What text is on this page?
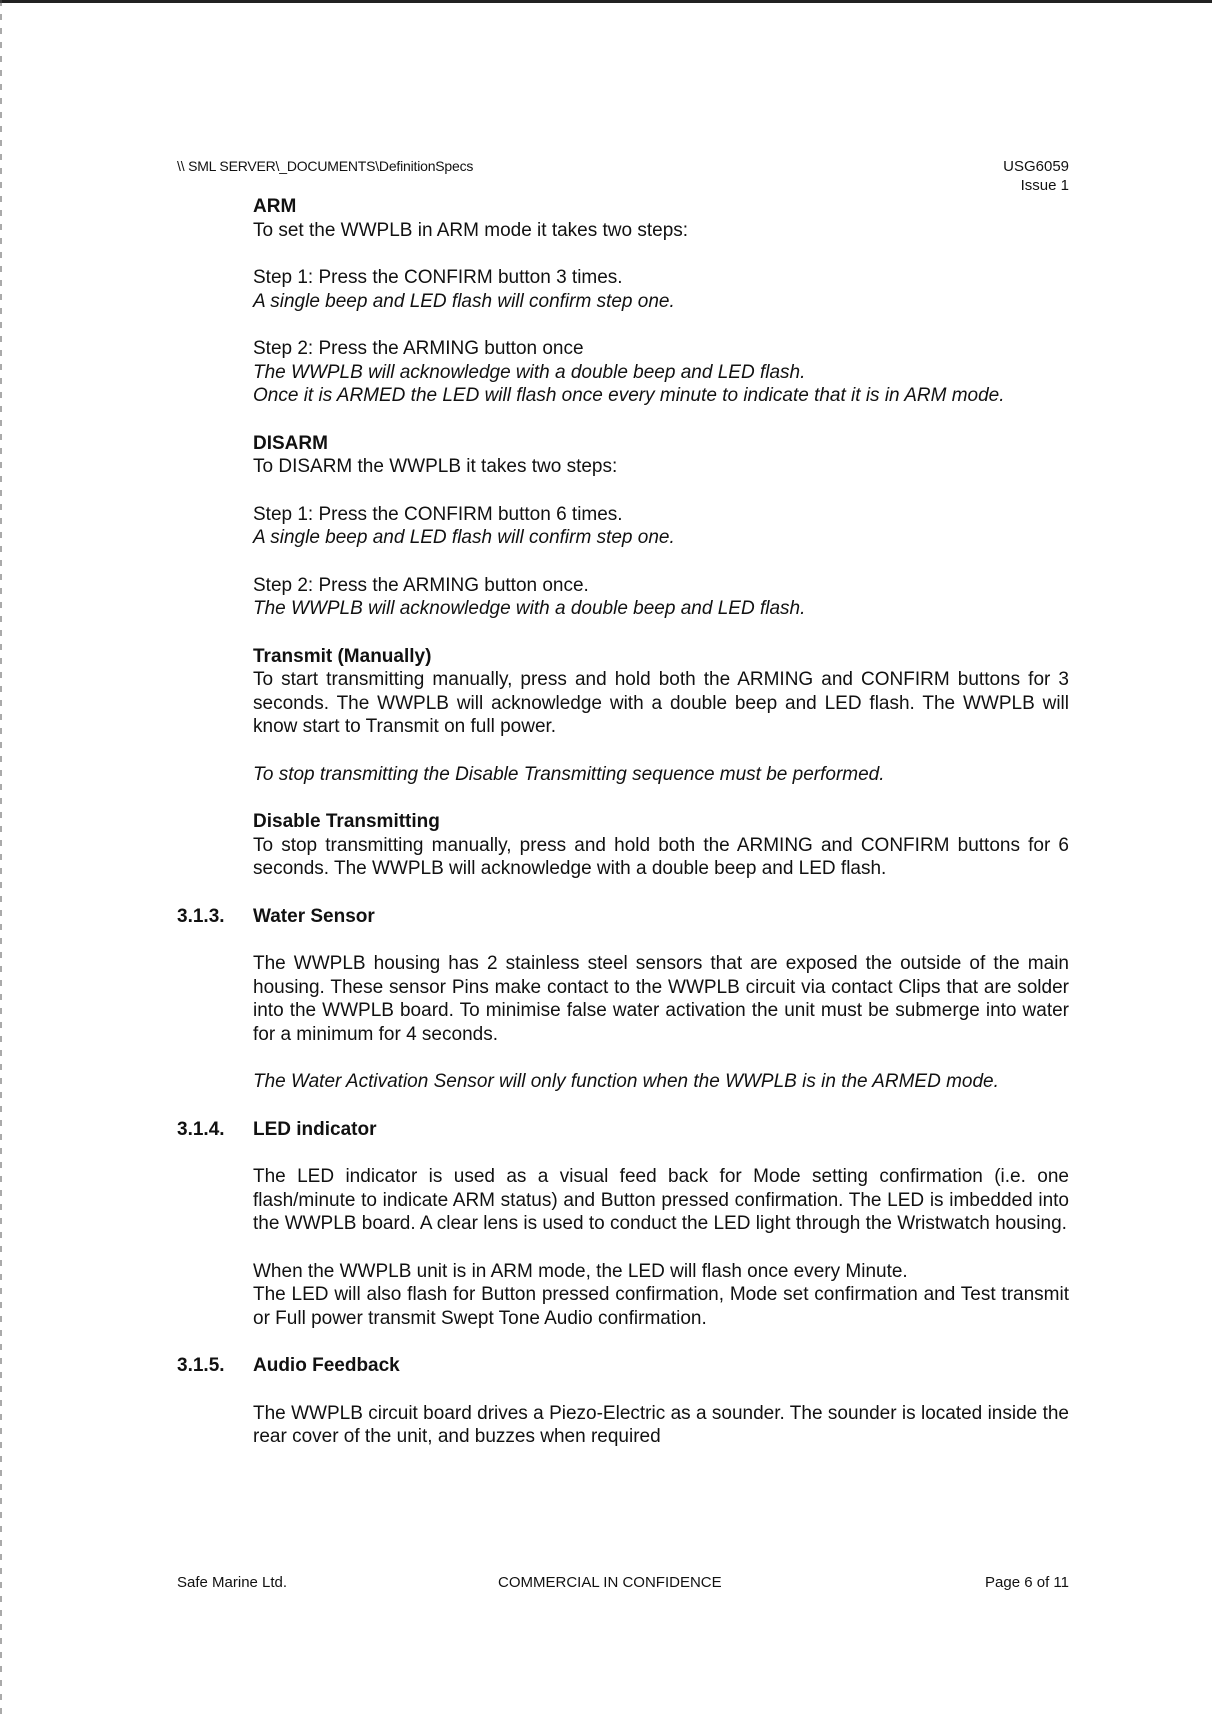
\\ SML SERVER\_DOCUMENTS\DefinitionSpecs	USG6059
Issue 1

ARM

To set the WWPLB in ARM mode it takes two steps:

Step 1: Press the CONFIRM button 3 times.

A single beep and LED flash will confirm step one.

Step 2: Press the ARMING button once

The WWPLB will acknowledge with a double beep and LED flash.

Once it is ARMED the LED will flash once every minute to indicate that it is in ARM mode.

DISARM

To DISARM the WWPLB it takes two steps:

Step 1: Press the CONFIRM button 6 times.

A single beep and LED flash will confirm step one.

Step 2: Press the ARMING button once.

The WWPLB will acknowledge with a double beep and LED flash.

Transmit (Manually)

To start transmitting manually, press and hold both the ARMING and CONFIRM buttons for 3 seconds. The WWPLB will acknowledge with a double beep and LED flash. The WWPLB will know start to Transmit on full power.

To stop transmitting the Disable Transmitting sequence must be performed.

Disable Transmitting

To stop transmitting manually, press and hold both the ARMING and CONFIRM buttons for 6 seconds. The WWPLB will acknowledge with a double beep and LED flash.

3.1.3. Water Sensor

The WWPLB housing has 2 stainless steel sensors that are exposed the outside of the main housing. These sensor Pins make contact to the WWPLB circuit via contact Clips that are solder into the WWPLB board. To minimise false water activation the unit must be submerge into water for a minimum for 4 seconds.

The Water Activation Sensor will only function when the WWPLB is in the ARMED mode.

3.1.4. LED indicator

The LED indicator is used as a visual feed back for Mode setting confirmation (i.e. one flash/minute to indicate ARM status) and Button pressed confirmation. The LED is imbedded into the WWPLB board. A clear lens is used to conduct the LED light through the Wristwatch housing.

When the WWPLB unit is in ARM mode, the LED will flash once every Minute.

The LED will also flash for Button pressed confirmation, Mode set confirmation and Test transmit or Full power transmit Swept Tone Audio confirmation.

3.1.5. Audio Feedback

The WWPLB circuit board drives a Piezo-Electric as a sounder. The sounder is located inside the rear cover of the unit, and buzzes when required

Safe Marine Ltd.	COMMERCIAL IN CONFIDENCE	Page 6 of 11
